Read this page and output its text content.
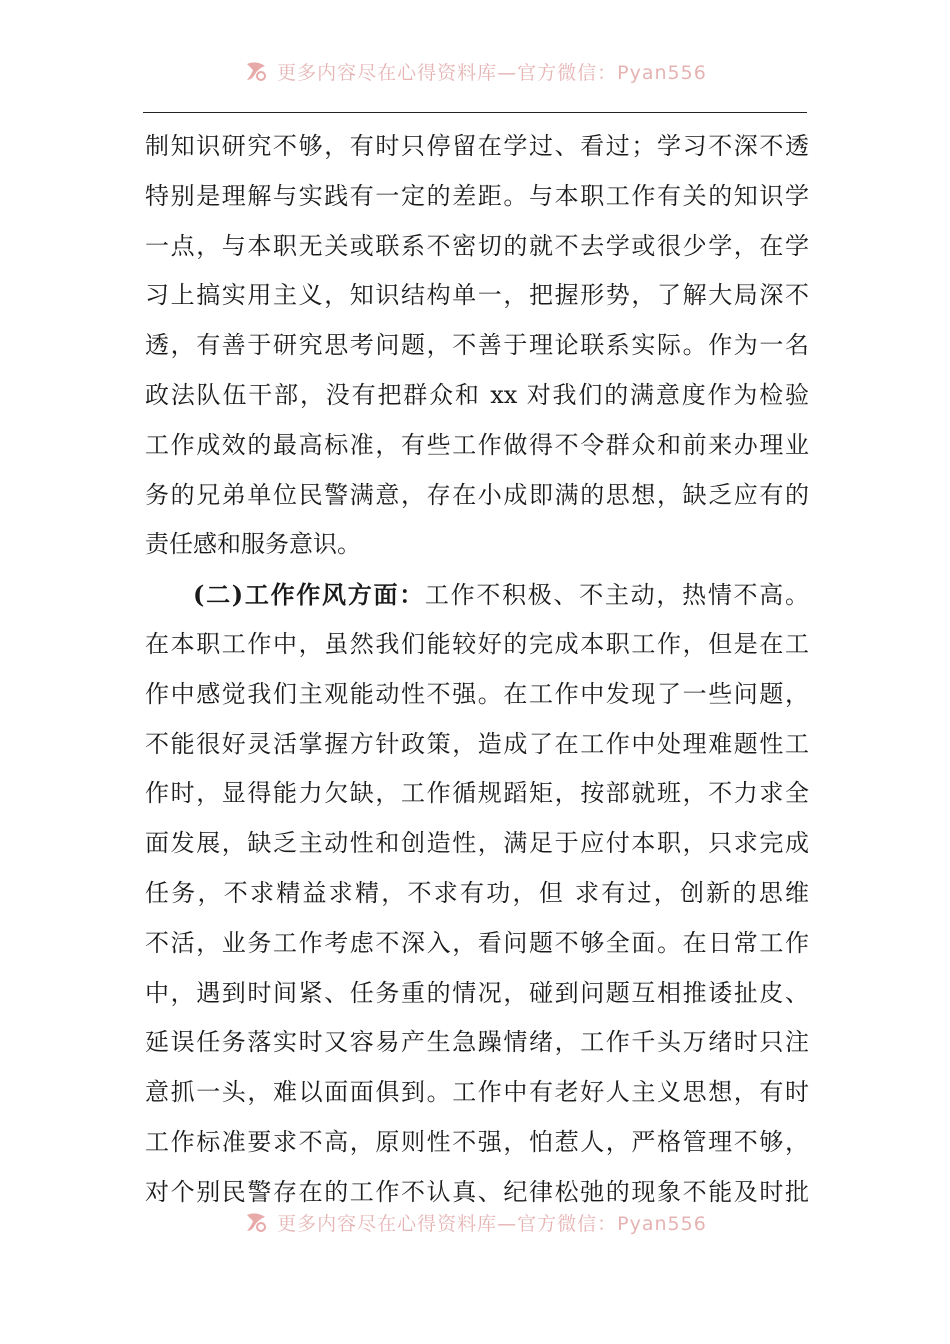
更多内容尽在心得资料库—官方微信：Pyan556
制知识研究不够，有时只停留在学过、看过；学习不深不透
特别是理解与实践有一定的差距。与本职工作有关的知识学
一点，与本职无关或联系不密切的就不去学或很少学，在学
习上搞实用主义，知识结构单一，把握形势，了解大局深不
透，有善于研究思考问题，不善于理论联系实际。作为一名
政法队伍干部，没有把群众和 xx 对我们的满意度作为检验
工作成效的最高标准，有些工作做得不令群众和前来办理业
务的兄弟单位民警满意，存在小成即满的思想，缺乏应有的
责任感和服务意识。
(二)工作作风方面：工作不积极、不主动，热情不高。
在本职工作中，虽然我们能较好的完成本职工作，但是在工
作中感觉我们主观能动性不强。在工作中发现了一些问题，
不能很好灵活掌握方针政策，造成了在工作中处理难题性工
作时，显得能力欠缺，工作循规蹈矩，按部就班，不力求全
面发展，缺乏主动性和创造性，满足于应付本职，只求完成
任务，不求精益求精，不求有功，但 求有过，创新的思维
不活，业务工作考虑不深入，看问题不够全面。在日常工作
中，遇到时间紧、任务重的情况，碰到问题互相推诿扯皮、
延误任务落实时又容易产生急躁情绪，工作千头万绪时只注
意抓一头，难以面面俱到。工作中有老好人主义思想，有时
工作标准要求不高，原则性不强，怕惹人，严格管理不够，
对个别民警存在的工作不认真、纪律松弛的现象不能及时批
更多内容尽在心得资料库—官方微信：Pyan556
